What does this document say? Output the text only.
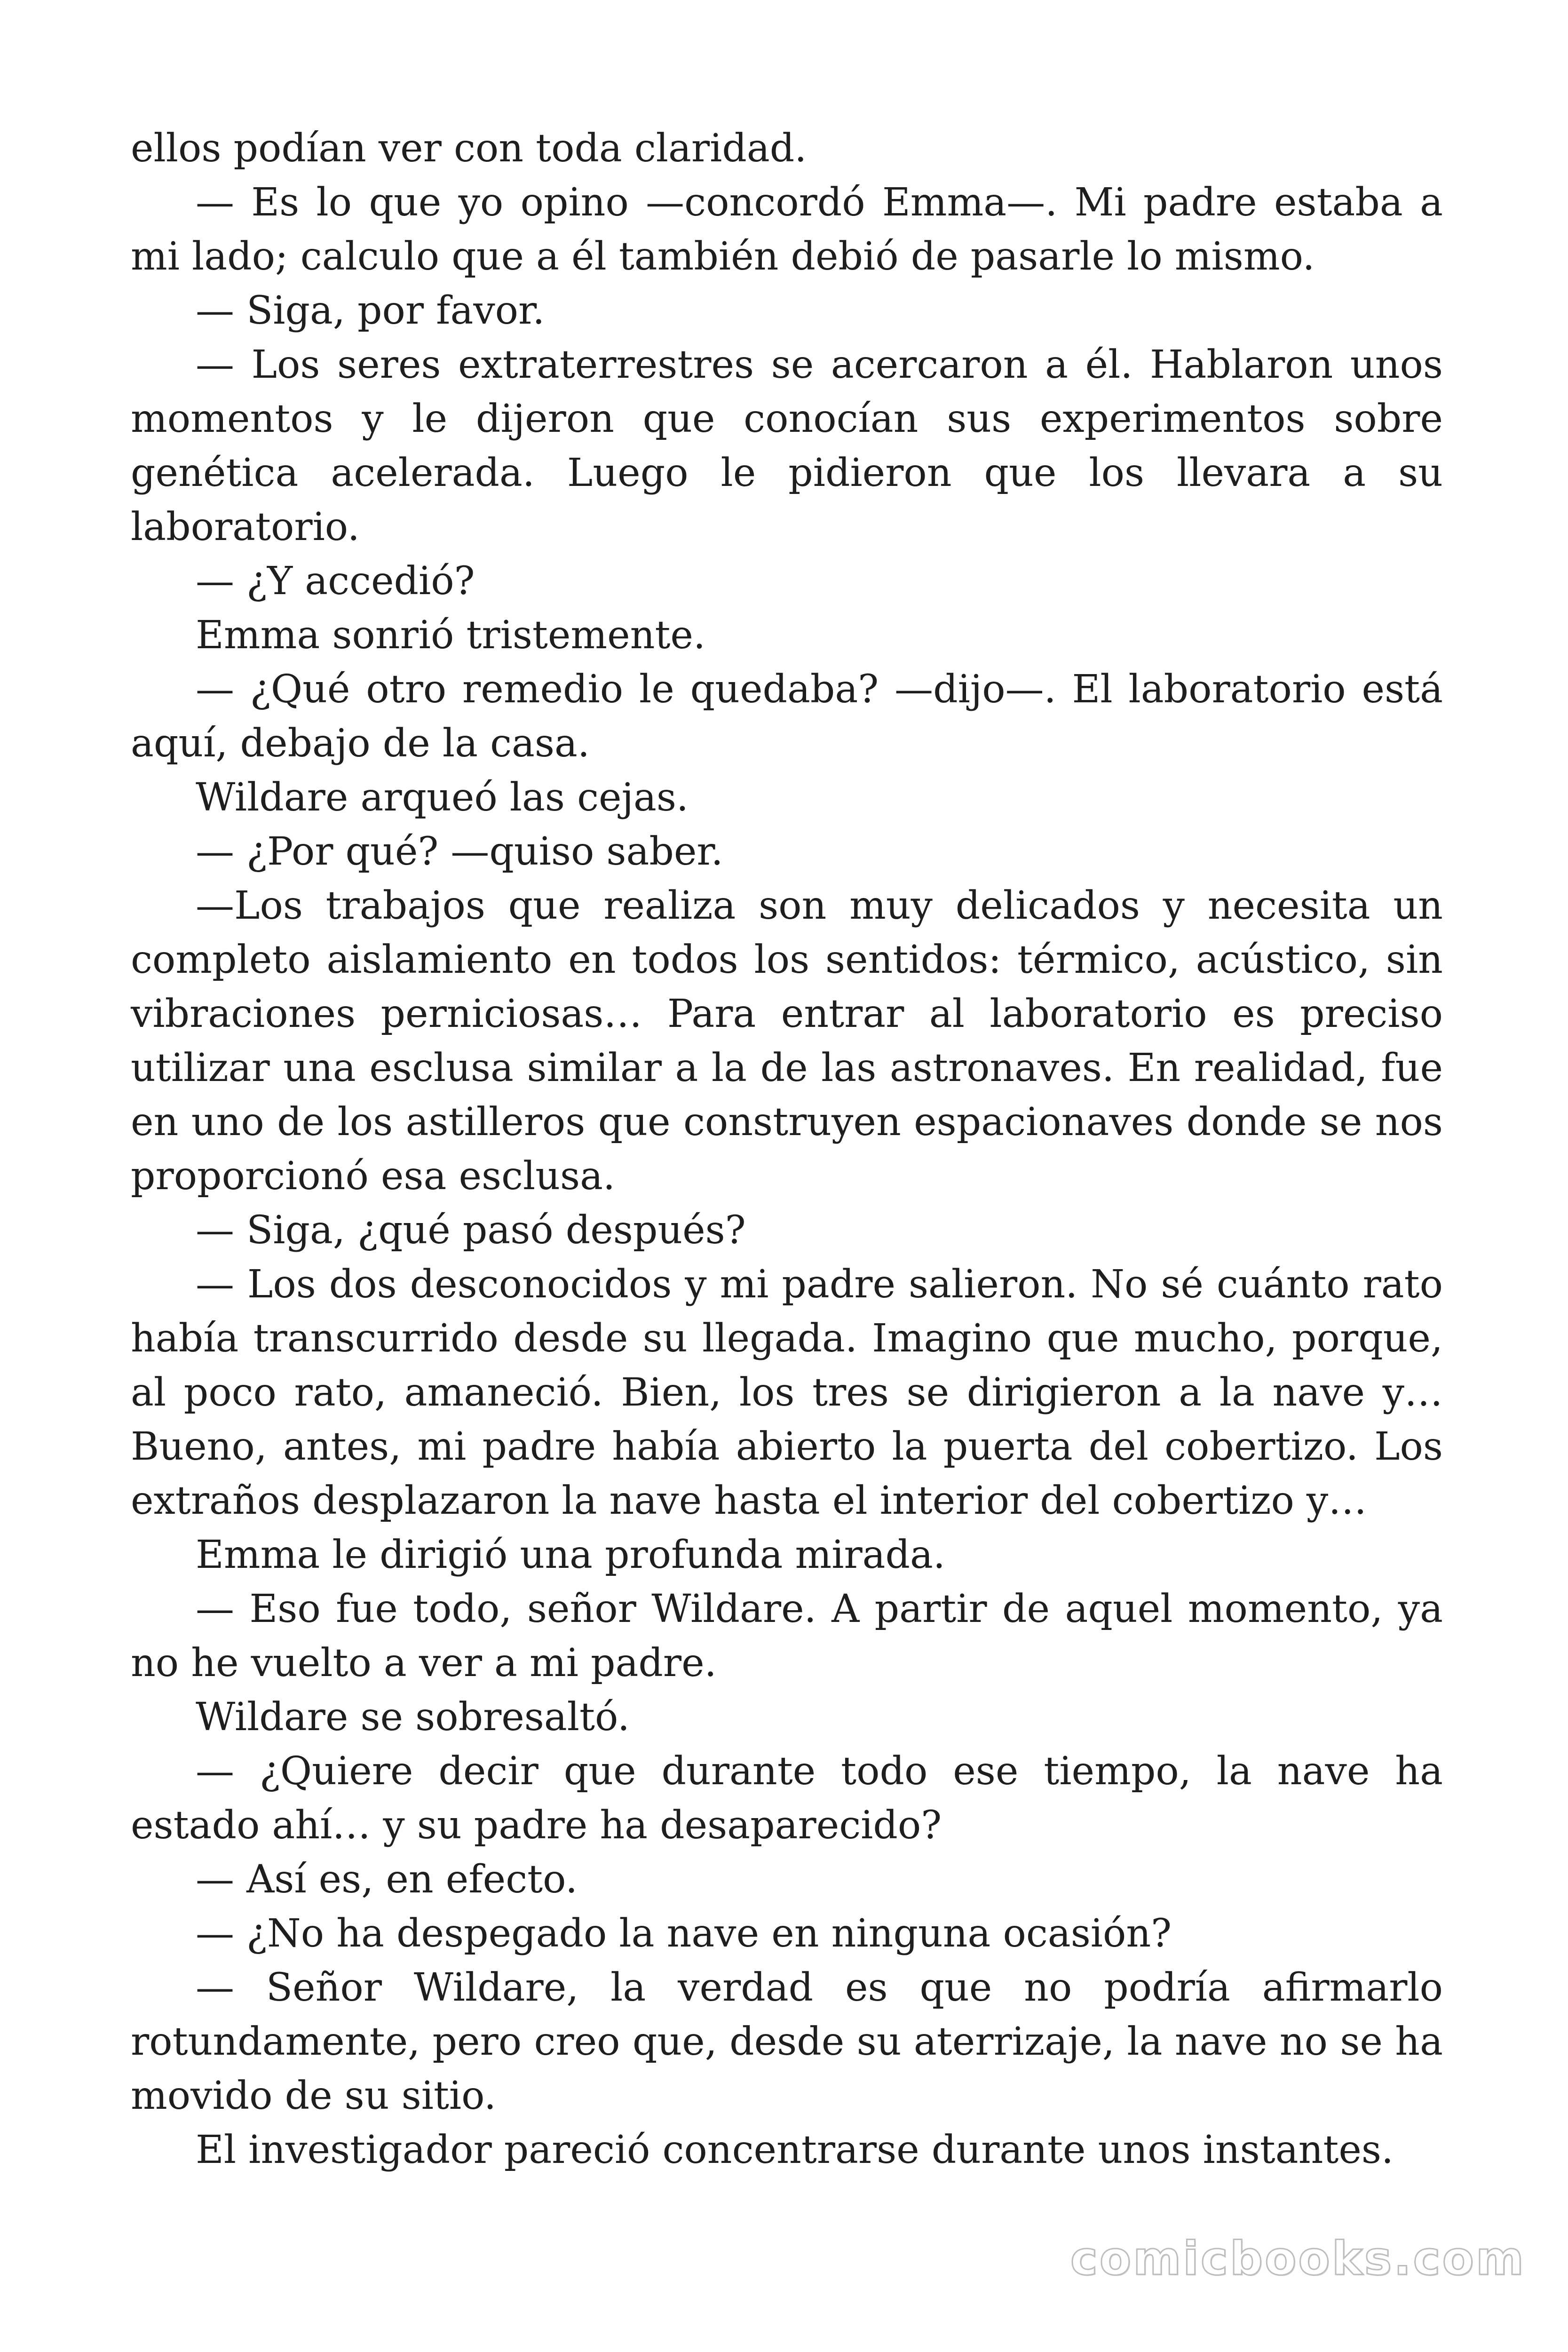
ellos podían ver con toda claridad.

— Es lo que yo opino —concordó Emma—. Mi padre estaba a mi lado; calculo que a él también debió de pasarle lo mismo.

— Siga, por favor.

— Los seres extraterrestres se acercaron a él. Hablaron unos momentos y le dijeron que conocían sus experimentos sobre genética acelerada. Luego le pidieron que los llevara a su laboratorio.

— ¿Y accedió?

Emma sonrió tristemente.

— ¿Qué otro remedio le quedaba? —dijo—. El laboratorio está aquí, debajo de la casa.

Wildare arqueó las cejas.

— ¿Por qué? —quiso saber.

—Los trabajos que realiza son muy delicados y necesita un completo aislamiento en todos los sentidos: térmico, acústico, sin vibraciones perniciosas… Para entrar al laboratorio es preciso utilizar una esclusa similar a la de las astronaves. En realidad, fue en uno de los astilleros que construyen espacionaves donde se nos proporcionó esa esclusa.

— Siga, ¿qué pasó después?

— Los dos desconocidos y mi padre salieron. No sé cuánto rato había transcurrido desde su llegada. Imagino que mucho, porque, al poco rato, amaneció. Bien, los tres se dirigieron a la nave y… Bueno, antes, mi padre había abierto la puerta del cobertizo. Los extraños desplazaron la nave hasta el interior del cobertizo y…

Emma le dirigió una profunda mirada.

— Eso fue todo, señor Wildare. A partir de aquel momento, ya no he vuelto a ver a mi padre.

Wildare se sobresaltó.

— ¿Quiere decir que durante todo ese tiempo, la nave ha estado ahí… y su padre ha desaparecido?

— Así es, en efecto.

— ¿No ha despegado la nave en ninguna ocasión?

— Señor Wildare, la verdad es que no podría afirmarlo rotundamente, pero creo que, desde su aterrizaje, la nave no se ha movido de su sitio.

El investigador pareció concentrarse durante unos instantes.

comicbooks.com
